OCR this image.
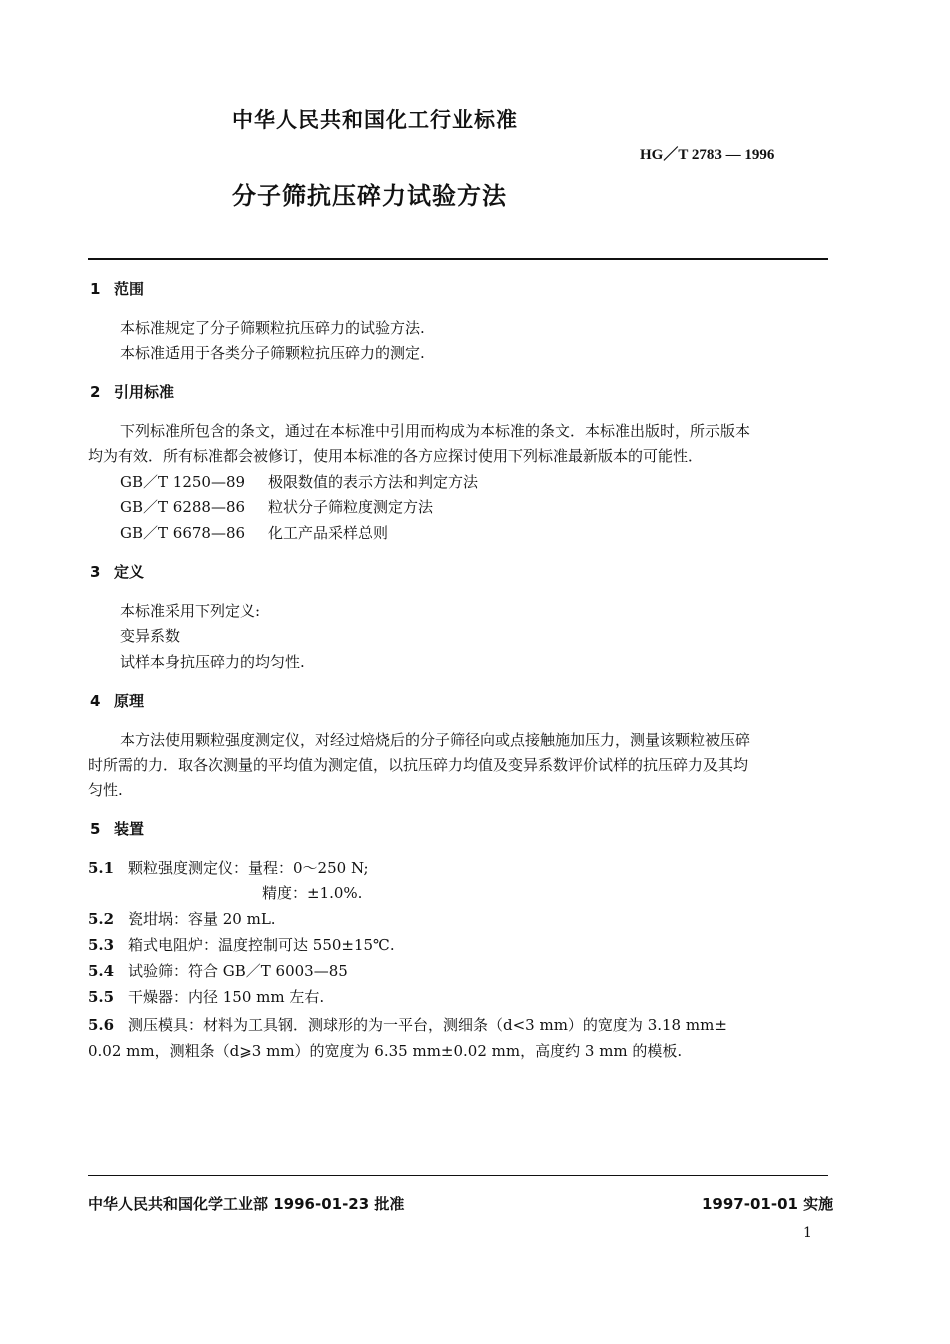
中华人民共和国化工行业标准
HG／T 2783 — 1996
分子筛抗压碎力试验方法
1 范围
本标准规定了分子筛颗粒抗压碎力的试验方法.
本标准适用于各类分子筛颗粒抗压碎力的测定.
2 引用标准
下列标准所包含的条文，通过在本标准中引用而构成为本标准的条文．本标准出版时，所示版本
均为有效．所有标准都会被修订，使用本标准的各方应探讨使用下列标准最新版本的可能性．
GB／T 1250—89 极限数值的表示方法和判定方法
GB／T 6288—86 粒状分子筛粒度测定方法
GB／T 6678—86 化工产品采样总则
3 定义
本标准采用下列定义:
变异系数
试样本身抗压碎力的均匀性.
4 原理
本方法使用颗粒强度测定仪，对经过焙烧后的分子筛径向或点接触施加压力，测量该颗粒被压碎
时所需的力．取各次测量的平均值为测定值，以抗压碎力均值及变异系数评价试样的抗压碎力及其均
匀性.
5 装置
5.1 颗粒强度测定仪：量程：0～250 N;
精度：±1.0%.
5.2 瓷坩埚：容量 20 mL.
5.3 箱式电阻炉：温度控制可达 550±15℃.
5.4 试验筛：符合 GB／T 6003—85
5.5 干燥器：内径 150 mm 左右.
5.6 测压模具：材料为工具钢．测球形的为一平台，测细条（d<3 mm）的宽度为 3.18 mm±
0.02 mm，测粗条（d⩾3 mm）的宽度为 6.35 mm±0.02 mm，高度约 3 mm 的模板.
中华人民共和国化学工业部 1996-01-23 批准	1997-01-01 实施
1
